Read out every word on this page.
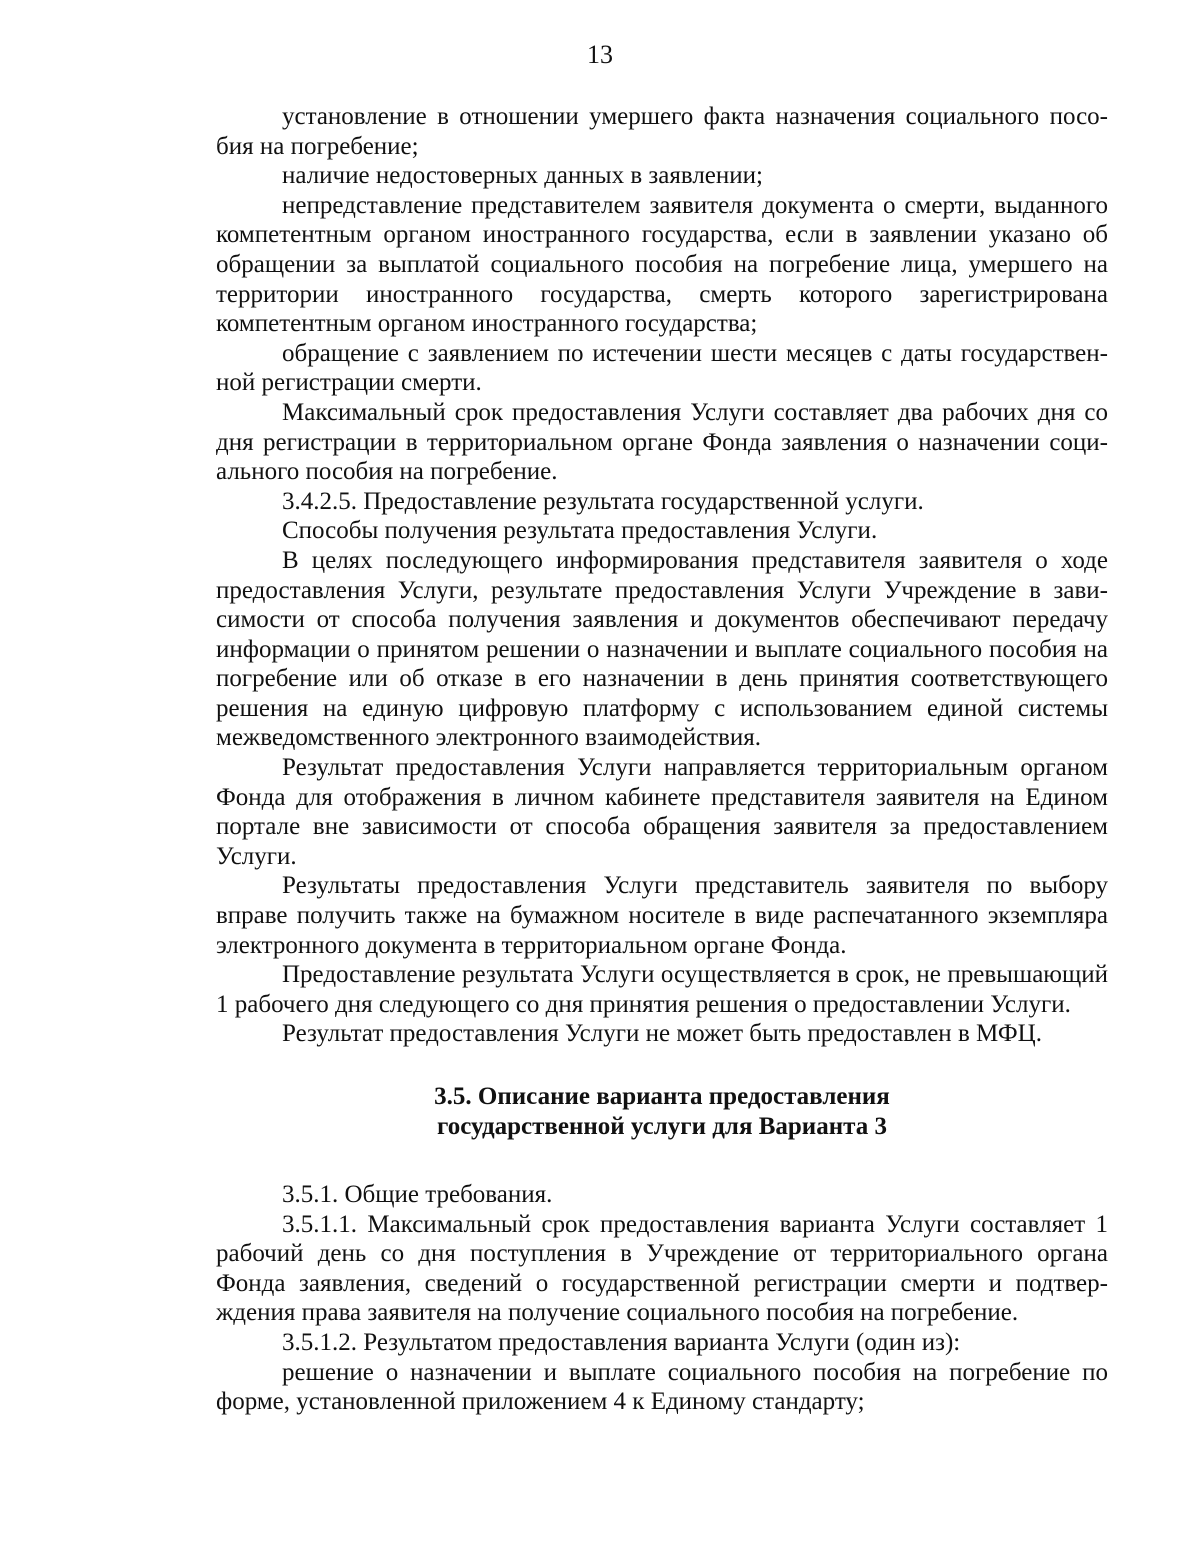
13

установление в отношении умершего факта назначения социального пособия на погребение;

наличие недостоверных данных в заявлении;

непредставление представителем заявителя документа о смерти, выданного компетентным органом иностранного государства, если в заявлении указано об обращении за выплатой социального пособия на погребение лица, умершего на территории иностранного государства, смерть которого зарегистрирована компетентным органом иностранного государства;

обращение с заявлением по истечении шести месяцев с даты государственной регистрации смерти.

Максимальный срок предоставления Услуги составляет два рабочих дня со дня регистрации в территориальном органе Фонда заявления о назначении социального пособия на погребение.

3.4.2.5. Предоставление результата государственной услуги.

Способы получения результата предоставления Услуги.

В целях последующего информирования представителя заявителя о ходе предоставления Услуги, результате предоставления Услуги Учреждение в зависимости от способа получения заявления и документов обеспечивают передачу информации о принятом решении о назначении и выплате социального пособия на погребение или об отказе в его назначении в день принятия соответствующего решения на единую цифровую платформу с использованием единой системы межведомственного электронного взаимодействия.

Результат предоставления Услуги направляется территориальным органом Фонда для отображения в личном кабинете представителя заявителя на Едином портале вне зависимости от способа обращения заявителя за предоставлением Услуги.

Результаты предоставления Услуги представитель заявителя по выбору вправе получить также на бумажном носителе в виде распечатанного экземпляра электронного документа в территориальном органе Фонда.

Предоставление результата Услуги осуществляется в срок, не превышающий 1 рабочего дня следующего со дня принятия решения о предоставлении Услуги.

Результат предоставления Услуги не может быть предоставлен в МФЦ.

3.5. Описание варианта предоставления
государственной услуги для Варианта 3

3.5.1. Общие требования.

3.5.1.1. Максимальный срок предоставления варианта Услуги составляет 1 рабочий день со дня поступления в Учреждение от территориального органа Фонда заявления, сведений о государственной регистрации смерти и подтверждения права заявителя на получение социального пособия на погребение.

3.5.1.2. Результатом предоставления варианта Услуги (один из):

решение о назначении и выплате социального пособия на погребение по форме, установленной приложением 4 к Единому стандарту;
